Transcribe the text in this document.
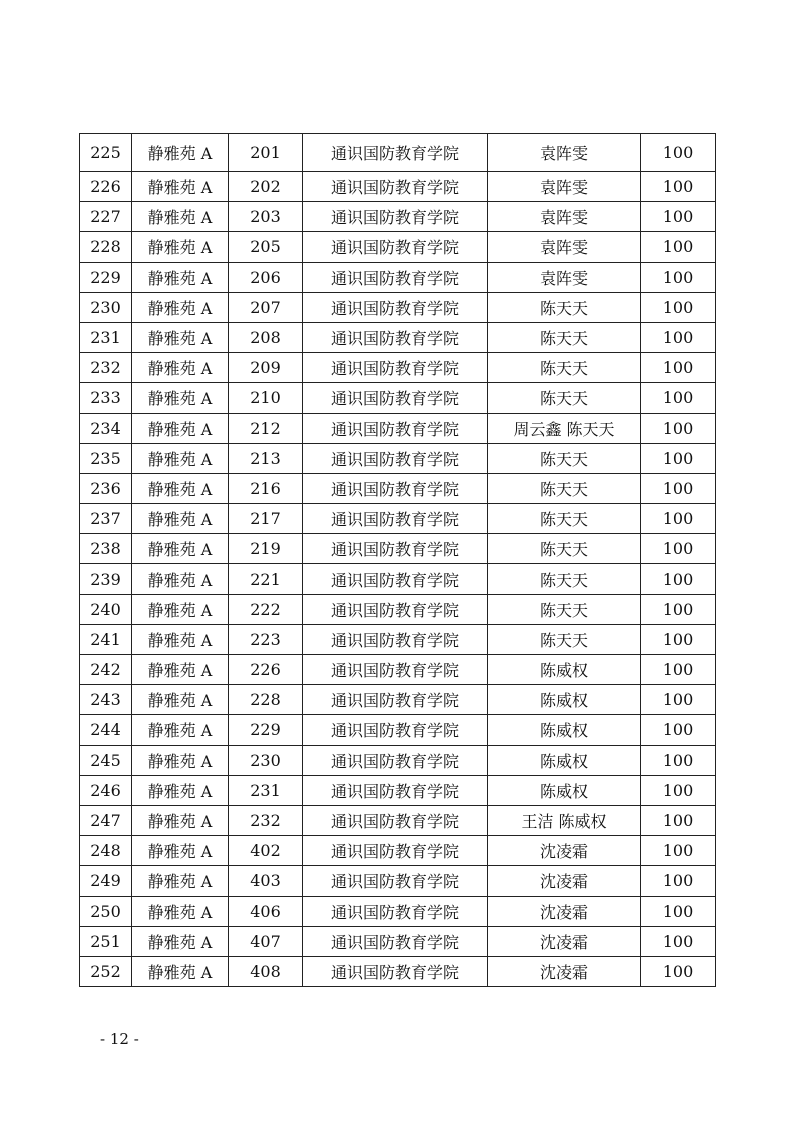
225	静雅苑 A	201	通识国防教育学院	袁阵雯	100
226	静雅苑 A	202	通识国防教育学院	袁阵雯	100
227	静雅苑 A	203	通识国防教育学院	袁阵雯	100
228	静雅苑 A	205	通识国防教育学院	袁阵雯	100
229	静雅苑 A	206	通识国防教育学院	袁阵雯	100
230	静雅苑 A	207	通识国防教育学院	陈天天	100
231	静雅苑 A	208	通识国防教育学院	陈天天	100
232	静雅苑 A	209	通识国防教育学院	陈天天	100
233	静雅苑 A	210	通识国防教育学院	陈天天	100
234	静雅苑 A	212	通识国防教育学院	周云鑫 陈天天	100
235	静雅苑 A	213	通识国防教育学院	陈天天	100
236	静雅苑 A	216	通识国防教育学院	陈天天	100
237	静雅苑 A	217	通识国防教育学院	陈天天	100
238	静雅苑 A	219	通识国防教育学院	陈天天	100
239	静雅苑 A	221	通识国防教育学院	陈天天	100
240	静雅苑 A	222	通识国防教育学院	陈天天	100
241	静雅苑 A	223	通识国防教育学院	陈天天	100
242	静雅苑 A	226	通识国防教育学院	陈威权	100
243	静雅苑 A	228	通识国防教育学院	陈威权	100
244	静雅苑 A	229	通识国防教育学院	陈威权	100
245	静雅苑 A	230	通识国防教育学院	陈威权	100
246	静雅苑 A	231	通识国防教育学院	陈威权	100
247	静雅苑 A	232	通识国防教育学院	王洁 陈威权	100
248	静雅苑 A	402	通识国防教育学院	沈凌霜	100
249	静雅苑 A	403	通识国防教育学院	沈凌霜	100
250	静雅苑 A	406	通识国防教育学院	沈凌霜	100
251	静雅苑 A	407	通识国防教育学院	沈凌霜	100
252	静雅苑 A	408	通识国防教育学院	沈凌霜	100
- 12 -
